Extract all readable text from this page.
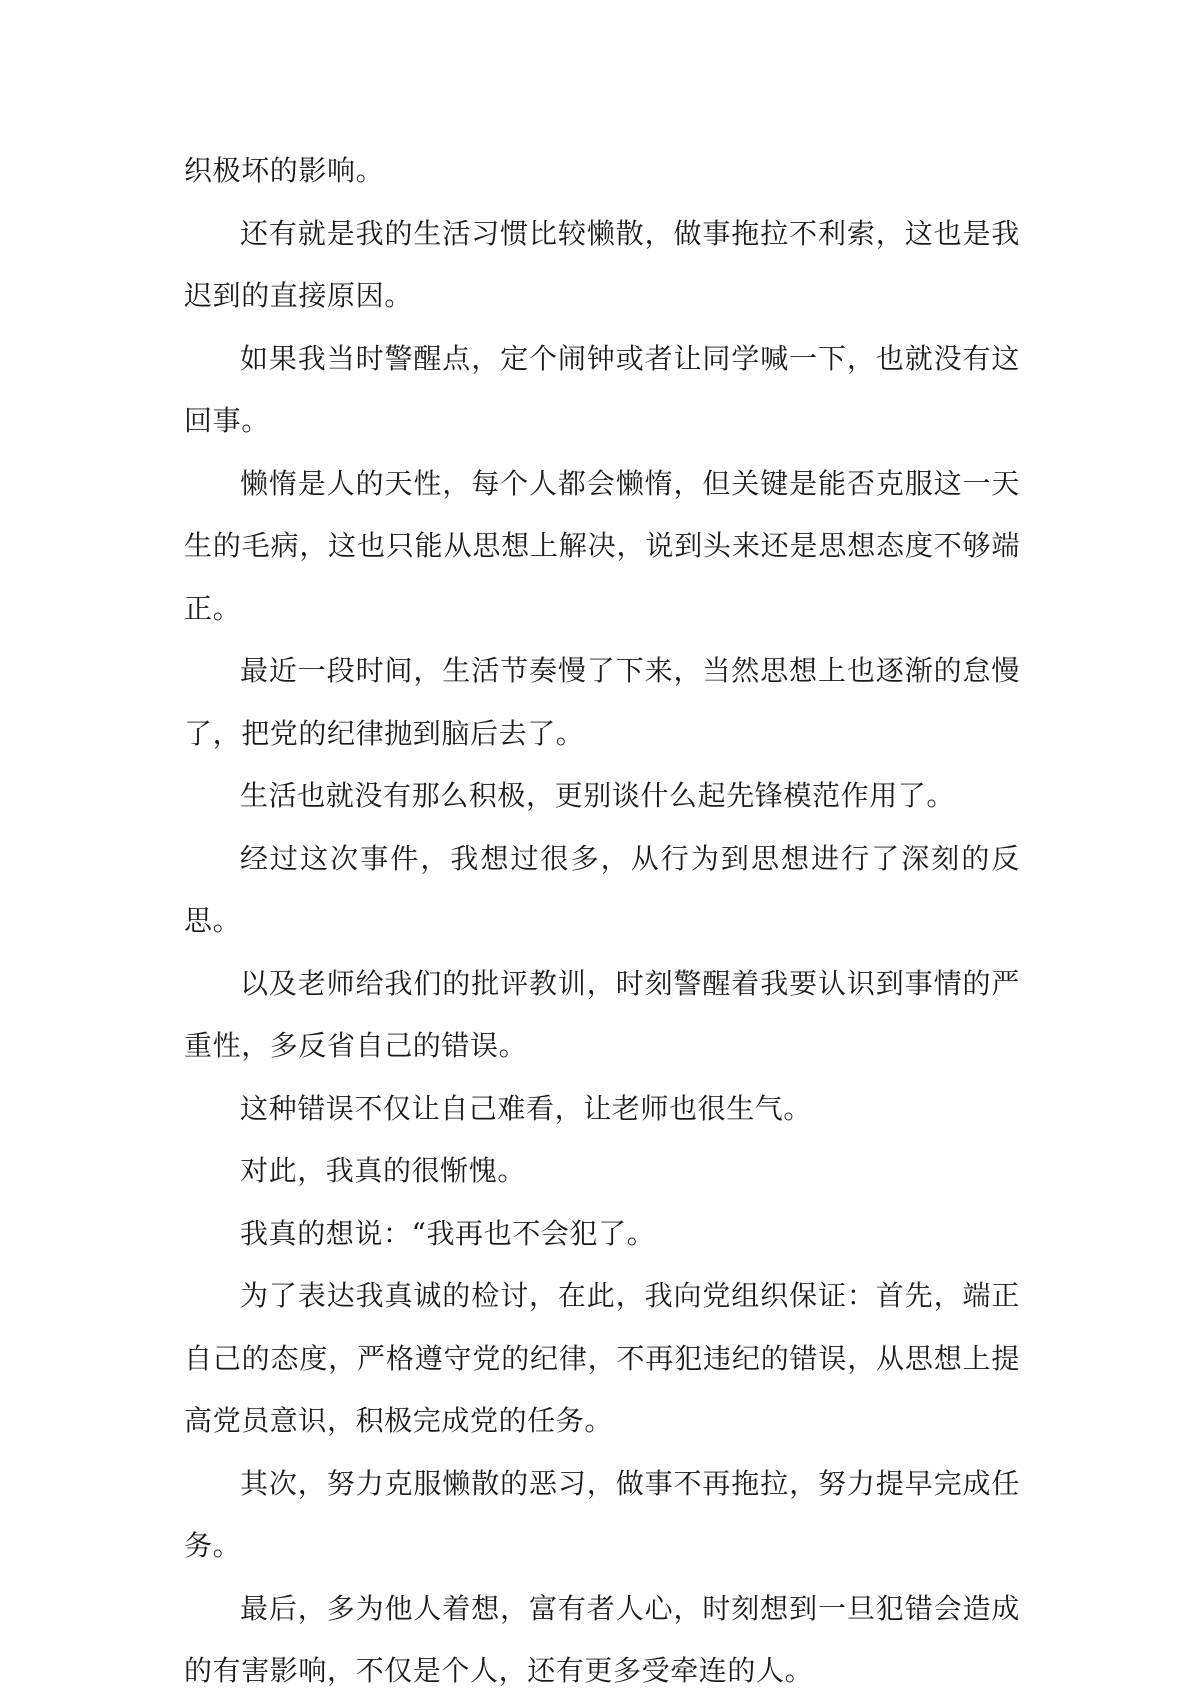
织极坏的影响。

还有就是我的生活习惯比较懒散，做事拖拉不利索，这也是我迟到的直接原因。

如果我当时警醒点，定个闹钟或者让同学喊一下，也就没有这回事。

懒惰是人的天性，每个人都会懒惰，但关键是能否克服这一天生的毛病，这也只能从思想上解决，说到头来还是思想态度不够端正。

最近一段时间，生活节奏慢了下来，当然思想上也逐渐的怠慢了，把党的纪律抛到脑后去了。

生活也就没有那么积极，更别谈什么起先锋模范作用了。

经过这次事件，我想过很多，从行为到思想进行了深刻的反思。

以及老师给我们的批评教训，时刻警醒着我要认识到事情的严重性，多反省自己的错误。

这种错误不仅让自己难看，让老师也很生气。

对此，我真的很惭愧。

我真的想说：“我再也不会犯了。

为了表达我真诚的检讨，在此，我向党组织保证：首先，端正自己的态度，严格遵守党的纪律，不再犯违纪的错误，从思想上提高党员意识，积极完成党的任务。

其次，努力克服懒散的恶习，做事不再拖拉，努力提早完成任务。

最后，多为他人着想，富有者人心，时刻想到一旦犯错会造成的有害影响，不仅是个人，还有更多受牵连的人。
